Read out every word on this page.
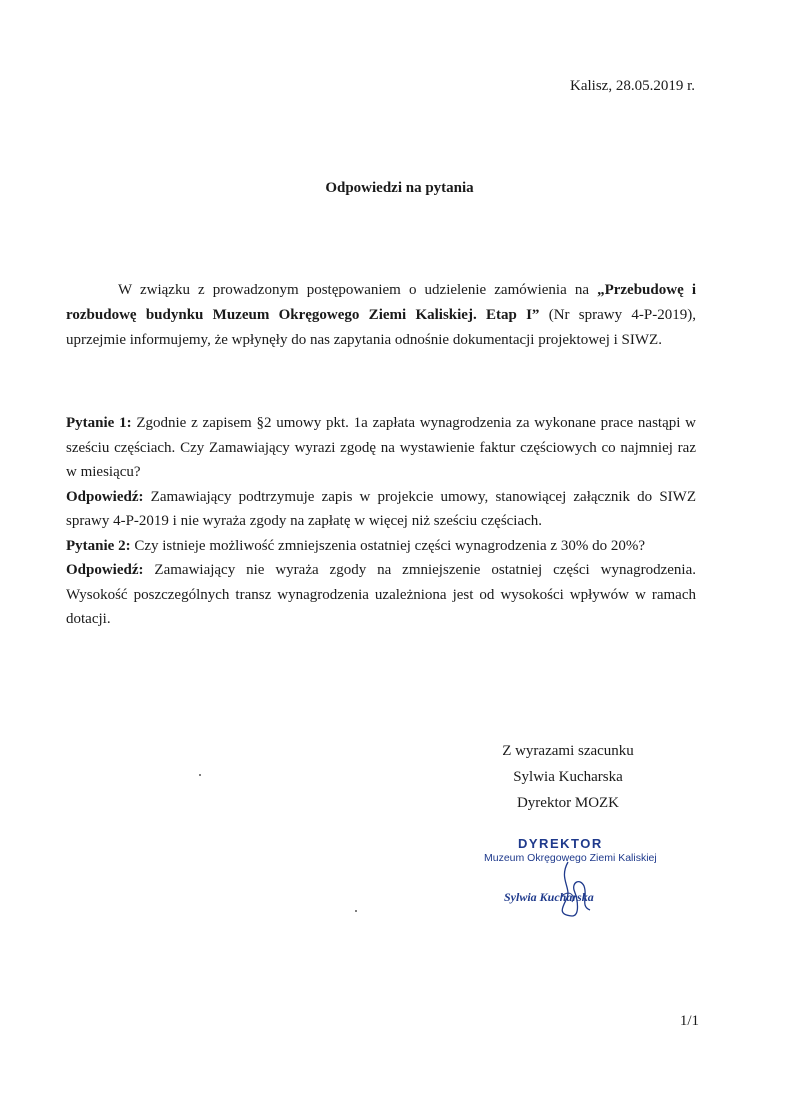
Kalisz, 28.05.2019 r.
Odpowiedzi na pytania
W związku z prowadzonym postępowaniem o udzielenie zamówienia na „Przebudowę i rozbudowę budynku Muzeum Okręgowego Ziemi Kaliskiej. Etap I” (Nr sprawy 4-P-2019), uprzejmie informujemy, że wpłynęły do nas zapytania odnośnie dokumentacji projektowej i SIWZ.

Pytanie 1: Zgodnie z zapisem §2 umowy pkt. 1a zapłata wynagrodzenia za wykonane prace nastąpi w sześciu częściach. Czy Zamawiający wyrazi zgodę na wystawienie faktur częściowych co najmniej raz w miesiącu?

Odpowiedź: Zamawiający podtrzymuje zapis w projekcie umowy, stanowiącej załącznik do SIWZ sprawy 4-P-2019 i nie wyraża zgody na zapłatę w więcej niż sześciu częściach.

Pytanie 2: Czy istnieje możliwość zmniejszenia ostatniej części wynagrodzenia z 30% do 20%?

Odpowiedź: Zamawiający nie wyraża zgody na zmniejszenie ostatniej części wynagrodzenia. Wysokość poszczególnych transz wynagrodzenia uzależniona jest od wysokości wpływów w ramach dotacji.

Z wyrazami szacunku
Sylwia Kucharska
Dyrektor MOZK
DYREKTOR
Muzeum Okręgowego Ziemi Kaliskiej
Sylwia Kucharska
1/1
